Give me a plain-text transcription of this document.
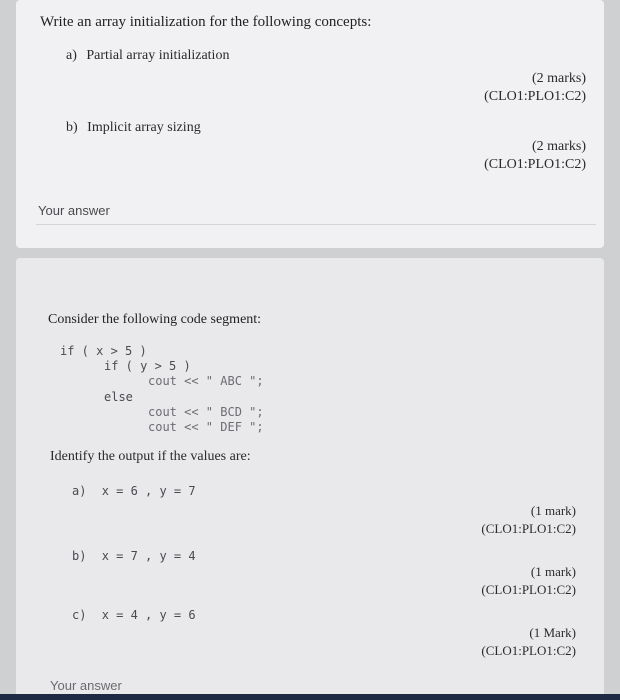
Write an array initialization for the following concepts:
a) Partial array initialization
(2 marks)
(CLO1:PLO1:C2)
b) Implicit array sizing
(2 marks)
(CLO1:PLO1:C2)
Your answer
Consider the following code segment:
if ( x > 5 )
if ( y > 5 )
cout << " ABC ";
else
cout << " BCD ";
cout << " DEF ";
Identify the output if the values are:
a) x = 6 , y = 7
(1 mark)
(CLO1:PLO1:C2)
b) x = 7 , y = 4
(1 mark)
(CLO1:PLO1:C2)
c) x = 4 , y = 6
(1 Mark)
(CLO1:PLO1:C2)
Your answer
